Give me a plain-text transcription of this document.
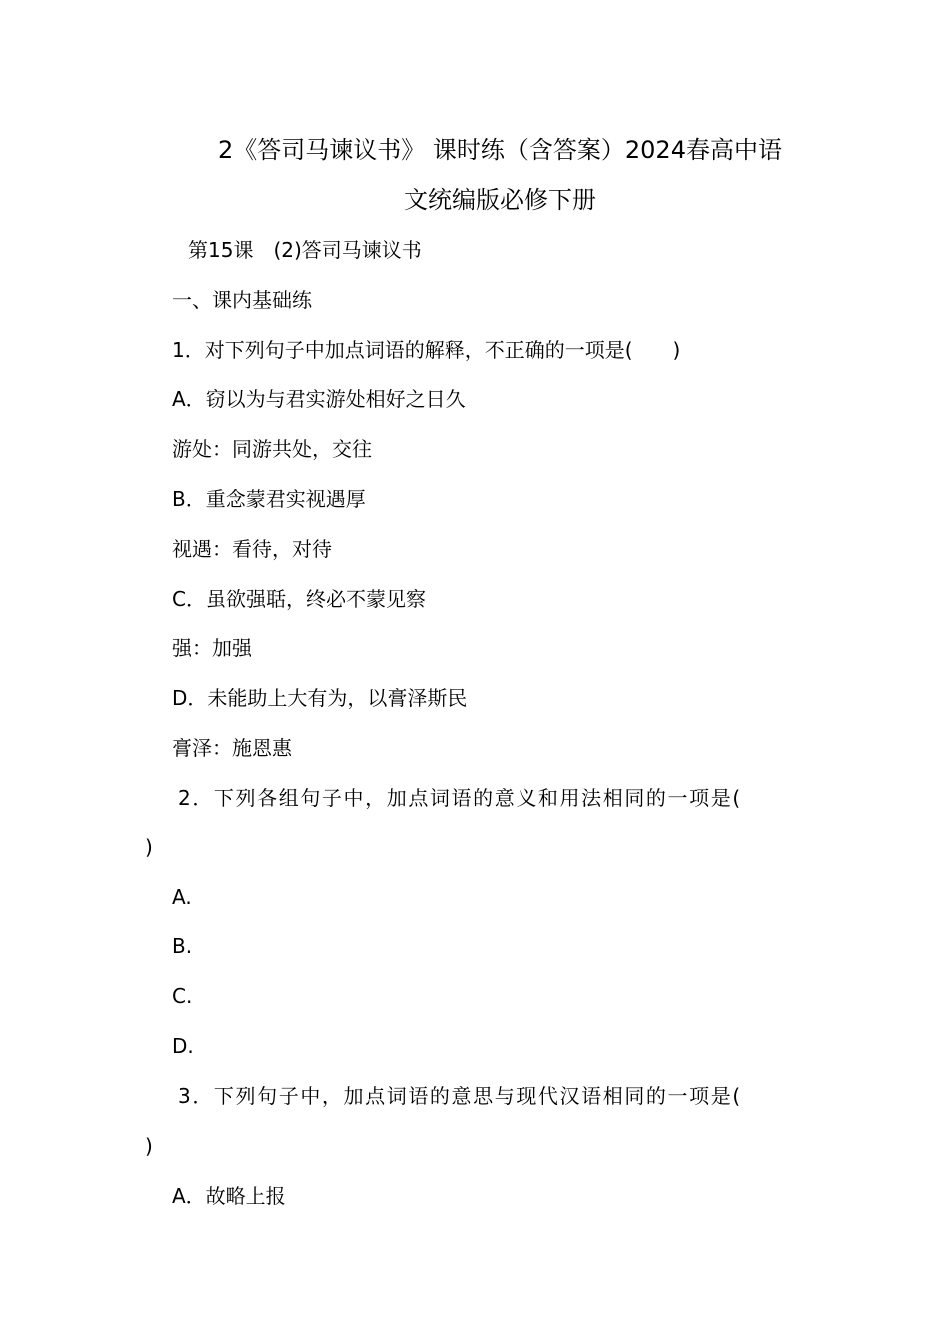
2《答司马谏议书》 课时练（含答案）2024春高中语
文统编版必修下册
第15课　(2)答司马谏议书
一、课内基础练
1．对下列句子中加点词语的解释，不正确的一项是(　　)
A．窃以为与君实游处相好之日久
游处：同游共处，交往
B．重念蒙君实视遇厚
视遇：看待，对待
C．虽欲强聒，终必不蒙见察
强：加强
D．未能助上大有为，以膏泽斯民
膏泽：施恩惠
2．下列各组句子中，加点词语的意义和用法相同的一项是(
)
A.
B.
C.
D.
3．下列句子中，加点词语的意思与现代汉语相同的一项是(
)
A．故略上报
